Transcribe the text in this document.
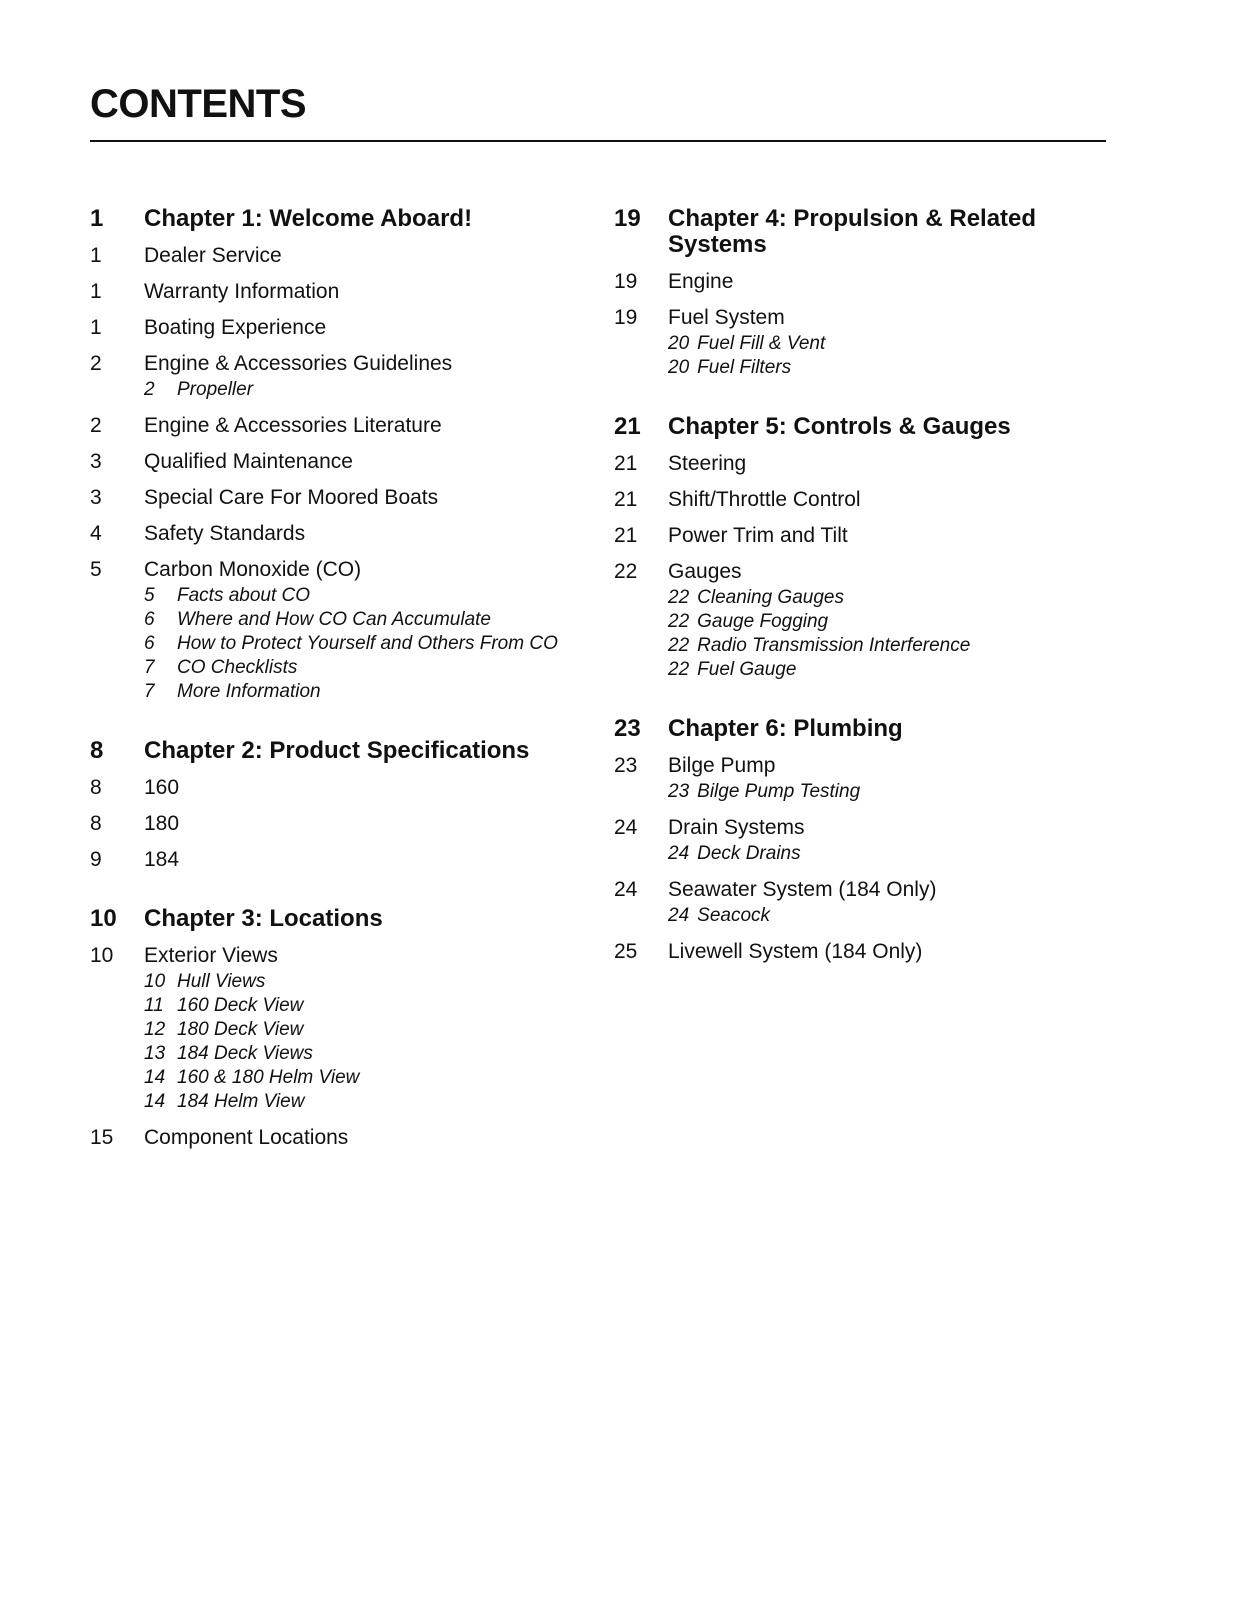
CONTENTS
1	Chapter 1: Welcome Aboard!
1	Dealer Service
1	Warranty Information
1	Boating Experience
2	Engine & Accessories Guidelines
2	Propeller
2	Engine & Accessories Literature
3	Qualified Maintenance
3	Special Care For Moored Boats
4	Safety Standards
5	Carbon Monoxide (CO)
5	Facts about CO
6	Where and How CO Can Accumulate
6	How to Protect Yourself and Others From CO
7	CO Checklists
7	More Information
8	Chapter 2: Product Specifications
8	160
8	180
9	184
10	Chapter 3: Locations
10	Exterior Views
10 Hull Views
11 160 Deck View
12 180 Deck View
13 184 Deck Views
14 160 & 180 Helm View
14 184 Helm View
15	Component Locations
19	Chapter 4: Propulsion & Related Systems
19	Engine
19	Fuel System
20 Fuel Fill & Vent
20 Fuel Filters
21	Chapter 5: Controls & Gauges
21	Steering
21	Shift/Throttle Control
21	Power Trim and Tilt
22	Gauges
22 Cleaning Gauges
22 Gauge Fogging
22 Radio Transmission Interference
22 Fuel Gauge
23	Chapter 6: Plumbing
23	Bilge Pump
23 Bilge Pump Testing
24	Drain Systems
24 Deck Drains
24	Seawater System (184 Only)
24 Seacock
25	Livewell System (184 Only)
